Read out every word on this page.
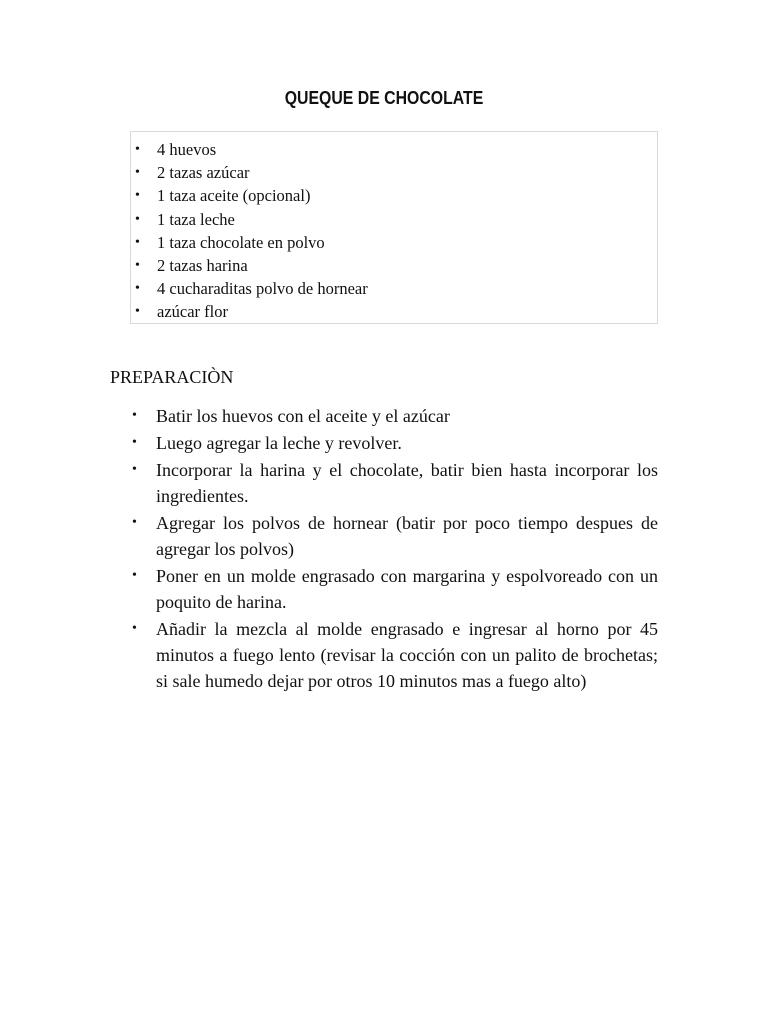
QUEQUE DE CHOCOLATE
• 4 huevos
• 2 tazas azúcar
• 1 taza aceite (opcional)
• 1 taza leche
• 1 taza chocolate en polvo
• 2 tazas harina
• 4 cucharaditas polvo de hornear
• azúcar flor
PREPARACIÒN
• Batir los huevos con el aceite y el azúcar
• Luego agregar la leche y revolver.
• Incorporar la harina y el chocolate, batir bien hasta incorporar los ingredientes.
• Agregar los polvos de hornear (batir por poco tiempo despues de agregar los polvos)
• Poner en un molde engrasado con margarina y espolvoreado con un poquito de harina.
• Añadir la mezcla al molde engrasado e ingresar al horno por 45 minutos a fuego lento (revisar la cocción con un palito de brochetas; si sale humedo dejar por otros 10 minutos mas a fuego alto)
